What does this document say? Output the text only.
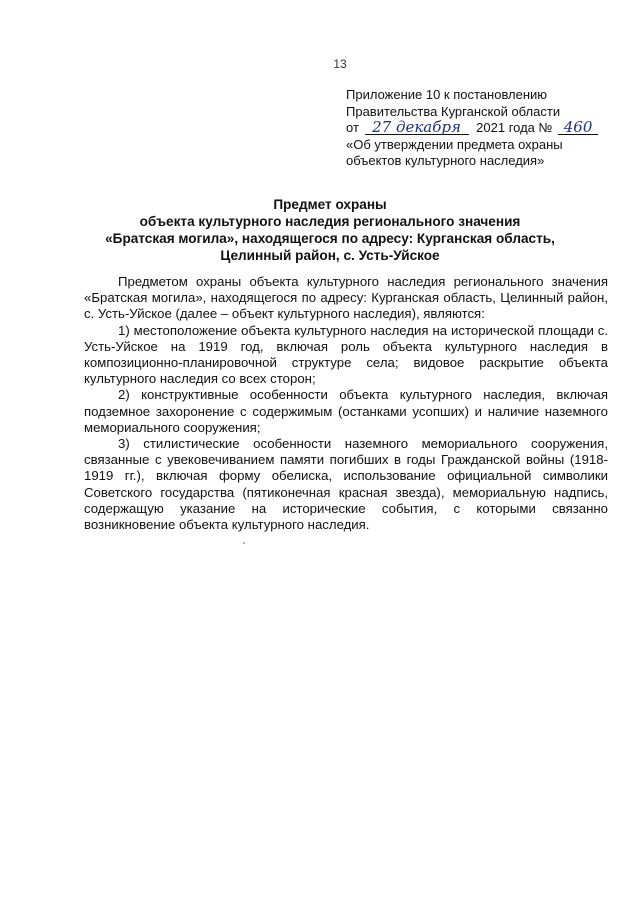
13
Приложение 10 к постановлению
Правительства Курганской области
от 27 декабря 2021 года № 460
«Об утверждении предмета охраны
объектов культурного наследия»
Предмет охраны
объекта культурного наследия регионального значения
«Братская могила», находящегося по адресу: Курганская область,
Целинный район, с. Усть-Уйское

Предметом охраны объекта культурного наследия регионального значения «Братская могила», находящегося по адресу: Курганская область, Целинный район, с. Усть-Уйское (далее – объект культурного наследия), являются:

1) местоположение объекта культурного наследия на исторической площади с. Усть-Уйское на 1919 год, включая роль объекта культурного наследия в композиционно-планировочной структуре села; видовое раскрытие объекта культурного наследия со всех сторон;

2) конструктивные особенности объекта культурного наследия, включая подземное захоронение с содержимым (останками усопших) и наличие наземного мемориального сооружения;

3) стилистические особенности наземного мемориального сооружения, связанные с увековечиванием памяти погибших в годы Гражданской войны (1918-1919 гг.), включая форму обелиска, использование официальной символики Советского государства (пятиконечная красная звезда), мемориальную надпись, содержащую указание на исторические события, с которыми связанно возникновение объекта культурного наследия.
